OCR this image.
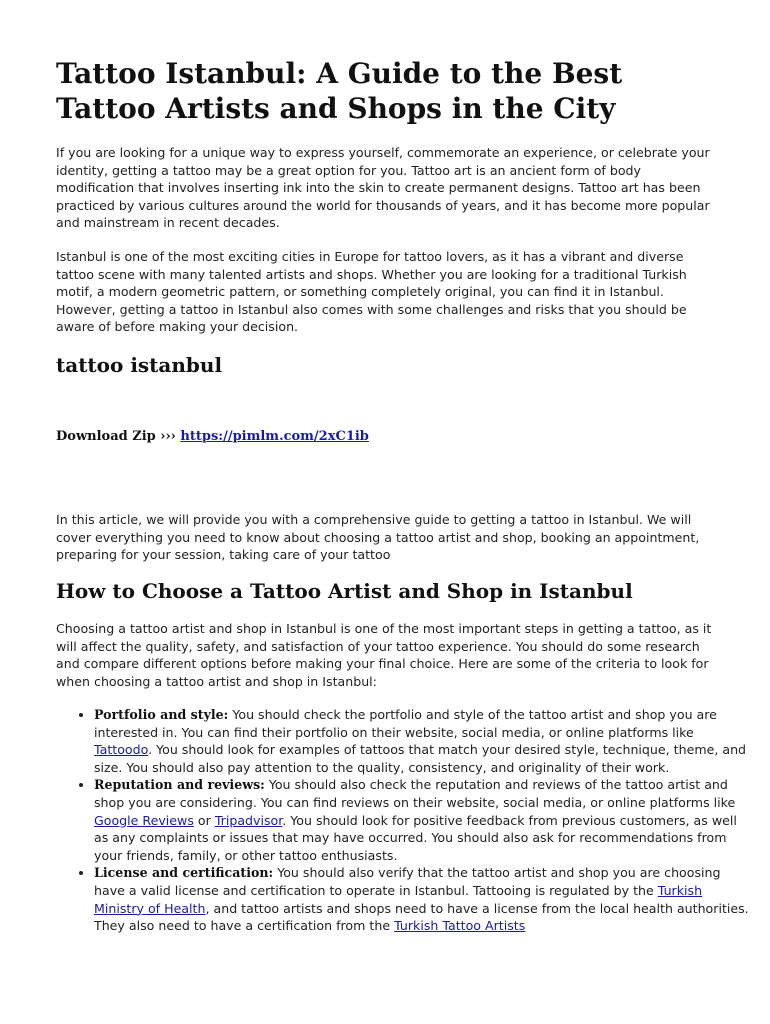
Tattoo Istanbul: A Guide to the Best Tattoo Artists and Shops in the City

If you are looking for a unique way to express yourself, commemorate an experience, or celebrate your identity, getting a tattoo may be a great option for you. Tattoo art is an ancient form of body modification that involves inserting ink into the skin to create permanent designs. Tattoo art has been practiced by various cultures around the world for thousands of years, and it has become more popular and mainstream in recent decades.

Istanbul is one of the most exciting cities in Europe for tattoo lovers, as it has a vibrant and diverse tattoo scene with many talented artists and shops. Whether you are looking for a traditional Turkish motif, a modern geometric pattern, or something completely original, you can find it in Istanbul. However, getting a tattoo in Istanbul also comes with some challenges and risks that you should be aware of before making your decision.

tattoo istanbul
Download Zip ››› https://pimlm.com/2xC1ib

In this article, we will provide you with a comprehensive guide to getting a tattoo in Istanbul. We will cover everything you need to know about choosing a tattoo artist and shop, booking an appointment, preparing for your session, taking care of your tattoo

How to Choose a Tattoo Artist and Shop in Istanbul

Choosing a tattoo artist and shop in Istanbul is one of the most important steps in getting a tattoo, as it will affect the quality, safety, and satisfaction of your tattoo experience. You should do some research and compare different options before making your final choice. Here are some of the criteria to look for when choosing a tattoo artist and shop in Istanbul:

• Portfolio and style: You should check the portfolio and style of the tattoo artist and shop you are interested in. You can find their portfolio on their website, social media, or online platforms like Tattoodo. You should look for examples of tattoos that match your desired style, technique, theme, and size. You should also pay attention to the quality, consistency, and originality of their work.
• Reputation and reviews: You should also check the reputation and reviews of the tattoo artist and shop you are considering. You can find reviews on their website, social media, or online platforms like Google Reviews or Tripadvisor. You should look for positive feedback from previous customers, as well as any complaints or issues that may have occurred. You should also ask for recommendations from your friends, family, or other tattoo enthusiasts.
• License and certification: You should also verify that the tattoo artist and shop you are choosing have a valid license and certification to operate in Istanbul. Tattooing is regulated by the Turkish Ministry of Health, and tattoo artists and shops need to have a license from the local health authorities. They also need to have a certification from the Turkish Tattoo Artists
